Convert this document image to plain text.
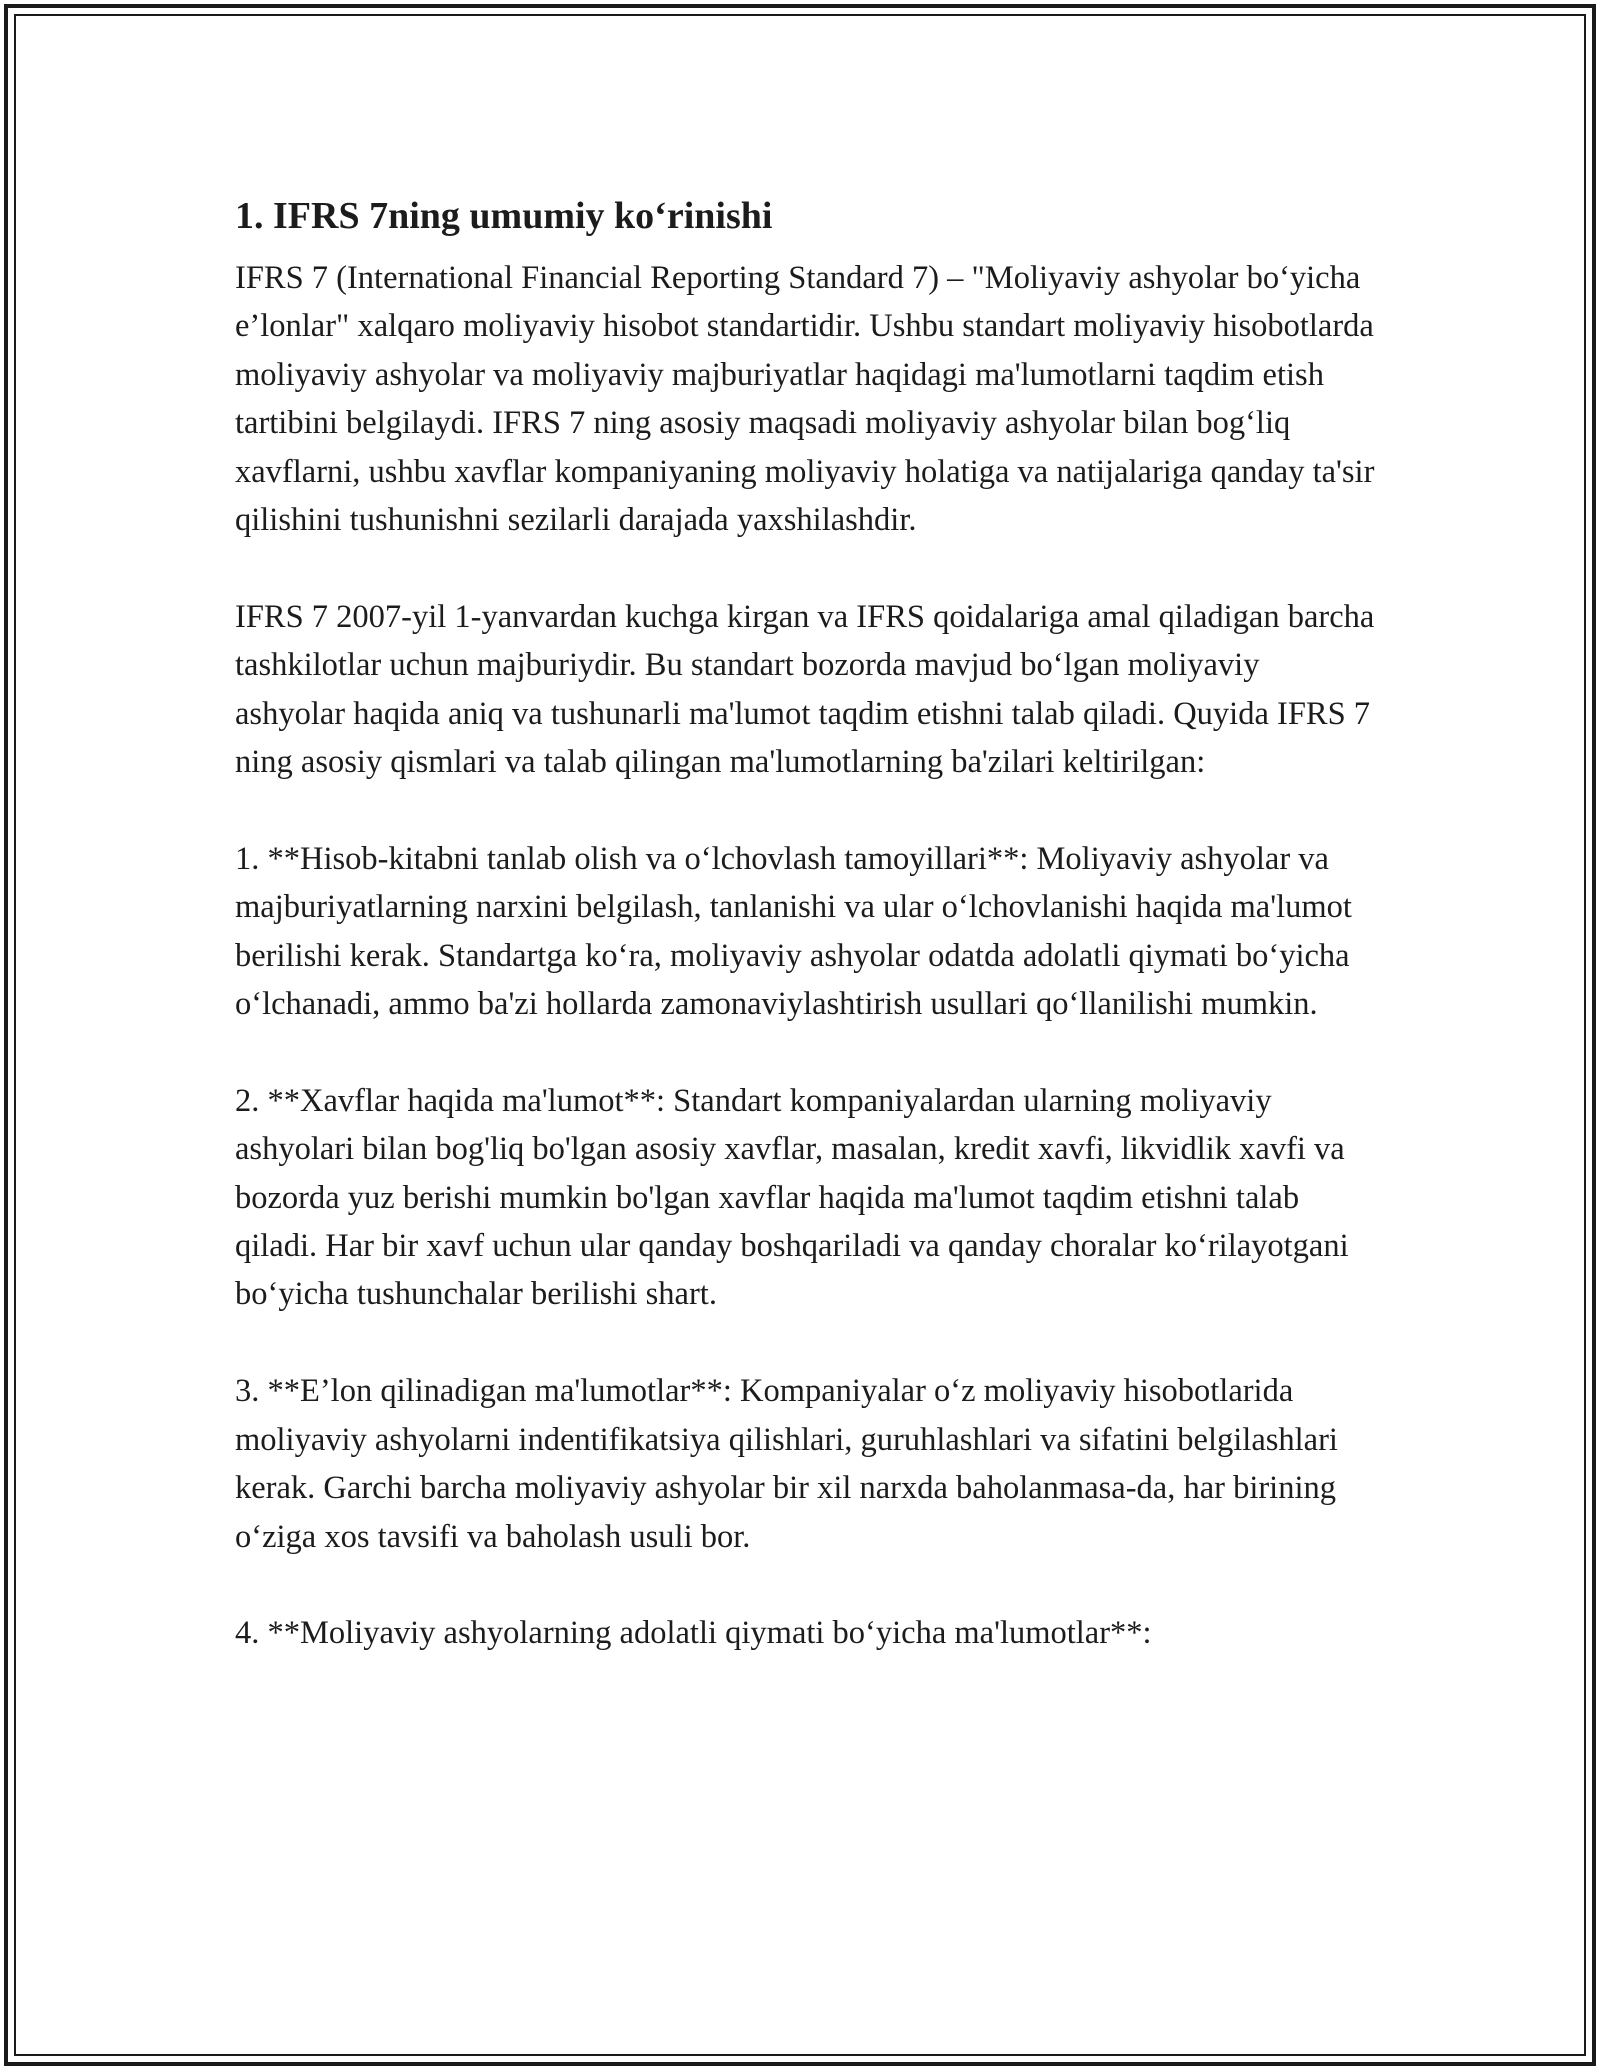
1. IFRS 7ning umumiy ko‘rinishi

IFRS 7 (International Financial Reporting Standard 7) – "Moliyaviy ashyolar bo‘yicha e’lonlar" xalqaro moliyaviy hisobot standartidir. Ushbu standart moliyaviy hisobotlarda moliyaviy ashyolar va moliyaviy majburiyatlar haqidagi ma'lumotlarni taqdim etish tartibini belgilaydi. IFRS 7 ning asosiy maqsadi moliyaviy ashyolar bilan bog‘liq xavflarni, ushbu xavflar kompaniyaning moliyaviy holatiga va natijalariga qanday ta'sir qilishini tushunishni sezilarli darajada yaxshilashdir.

IFRS 7 2007-yil 1-yanvardan kuchga kirgan va IFRS qoidalariga amal qiladigan barcha tashkilotlar uchun majburiydir. Bu standart bozorda mavjud bo‘lgan moliyaviy ashyolar haqida aniq va tushunarli ma'lumot taqdim etishni talab qiladi. Quyida IFRS 7 ning asosiy qismlari va talab qilingan ma'lumotlarning ba'zilari keltirilgan:

1. **Hisob-kitabni tanlab olish va o‘lchovlash tamoyillari**: Moliyaviy ashyolar va majburiyatlarning narxini belgilash, tanlanishi va ular o‘lchovlanishi haqida ma'lumot berilishi kerak. Standartga ko‘ra, moliyaviy ashyolar odatda adolatli qiymati bo‘yicha o‘lchanadi, ammo ba'zi hollarda zamonaviylashtirish usullari qo‘llanilishi mumkin.

2. **Xavflar haqida ma'lumot**: Standart kompaniyalardan ularning moliyaviy ashyolari bilan bog'liq bo'lgan asosiy xavflar, masalan, kredit xavfi, likvidlik xavfi va bozorda yuz berishi mumkin bo'lgan xavflar haqida ma'lumot taqdim etishni talab qiladi. Har bir xavf uchun ular qanday boshqariladi va qanday choralar ko‘rilayotgani bo‘yicha tushunchalar berilishi shart.

3. **E’lon qilinadigan ma'lumotlar**: Kompaniyalar o‘z moliyaviy hisobotlarida moliyaviy ashyolarni indentifikatsiya qilishlari, guruhlashlari va sifatini belgilashlari kerak. Garchi barcha moliyaviy ashyolar bir xil narxda baholanmasa-da, har birining o‘ziga xos tavsifi va baholash usuli bor.

4. **Moliyaviy ashyolarning adolatli qiymati bo‘yicha ma'lumotlar**:
